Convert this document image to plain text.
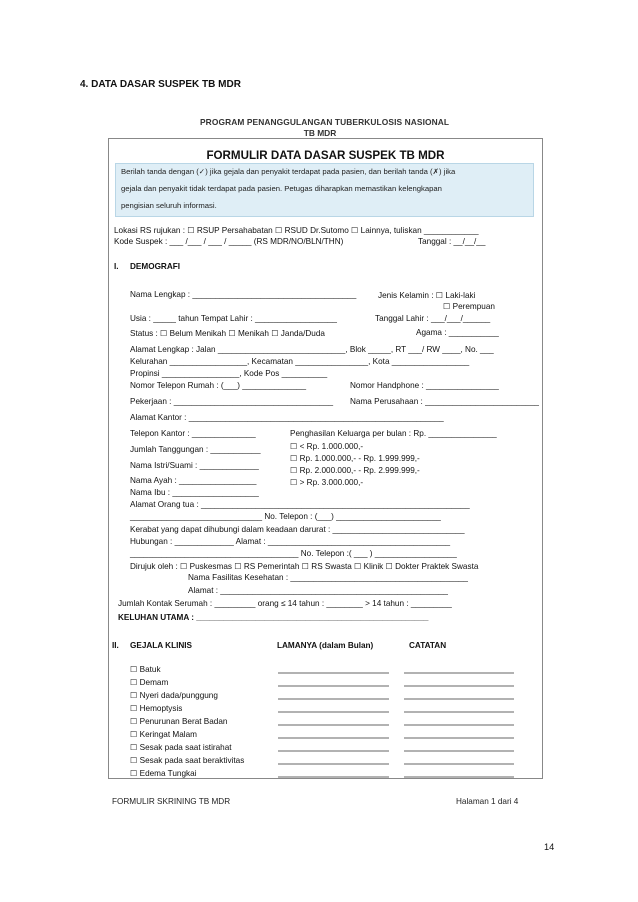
4. DATA DASAR SUSPEK TB MDR
PROGRAM PENANGGULANGAN TUBERKULOSIS NASIONAL
TB MDR
FORMULIR DATA DASAR SUSPEK TB MDR
Berilah tanda dengan (✓) jika gejala dan penyakit terdapat pada pasien, dan berilah tanda (✗) jika
gejala dan penyakit tidak terdapat pada pasien. Petugas diharapkan memastikan kelengkapan
pengisian seluruh informasi.
Lokasi RS rujukan : ☐ RSUP Persahabatan ☐ RSUD Dr.Sutomo ☐ Lainnya, tuliskan ____________
Kode Suspek : ___ /___ / ___ / _____ (RS MDR/NO/BLN/THN)	Tanggal : __/__/__
I. DEMOGRAFI
Nama Lengkap : ____________________________________	Jenis Kelamin : ☐ Laki-laki
☐ Perempuan
Usia : _____ tahun Tempat Lahir : __________________	Tanggal Lahir : ___/___/______
Status : ☐ Belum Menikah ☐ Menikah ☐ Janda/Duda	Agama : ___________
Alamat Lengkap : Jalan ____________________________, Blok _____, RT ___/ RW ____, No. ___
Kelurahan _________________, Kecamatan ________________, Kota _________________
Propinsi _________________, Kode Pos __________
Nomor Telepon Rumah : (___) ______________	Nomor Handphone : ________________
Pekerjaan : ___________________________________ Nama Perusahaan : _________________________
Alamat Kantor : ________________________________________________________
Telepon Kantor : ______________	Penghasilan Keluarga per bulan : Rp. _______________
☐ < Rp. 1.000.000,-
Jumlah Tanggungan : ___________
☐ Rp. 1.000.000,- - Rp. 1.999.999,-
Nama Istri/Suami : _____________
☐ Rp. 2.000.000,- - Rp. 2.999.999,-
Nama Ayah : _________________	☐ > Rp. 3.000.000,-
Nama Ibu : ___________________
Alamat Orang tua : ___________________________________________________________
_____________________________ No. Telepon : (___) _______________________
Kerabat yang dapat dihubungi dalam keadaan darurat : _____________________________
Hubungan : _____________ Alamat : ________________________________________
_____________________________________ No. Telepon :( ___ ) __________________
Dirujuk oleh : ☐ Puskesmas ☐ RS Pemerintah ☐ RS Swasta ☐ Klinik ☐ Dokter Praktek Swasta
Nama Fasilitas Kesehatan : _______________________________________
Alamat : __________________________________________________
Jumlah Kontak Serumah : _________ orang ≤ 14 tahun : ________ > 14 tahun : _________
KELUHAN UTAMA : ___________________________________________________
II. GEJALA KLINIS	LAMANYA (dalam Bulan)	CATATAN
☐ Batuk
☐ Demam
☐ Nyeri dada/punggung
☐ Hemoptysis
☐ Penurunan Berat Badan
☐ Keringat Malam
☐ Sesak pada saat istirahat
☐ Sesak pada saat beraktivitas
☐ Edema Tungkai
FORMULIR SKRINING TB MDR	Halaman 1 dari 4
14
